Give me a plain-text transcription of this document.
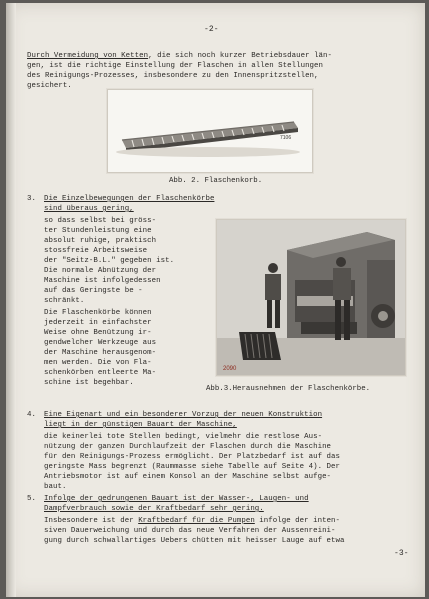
-2-
Durch Vermeidung von Ketten, die sich noch kurzer Betriebsdauer län-
gen, ist die richtige Einstellung der Flaschen in allen Stellungen
des Reinigungs-Prozesses, insbesondere zu den Innenspritzstellen,
gesichert.
7106
Abb. 2. Flaschenkorb.
3. Die Einzelbewegungen der Flaschenkörbe
sind überaus gering,
so dass selbst bei gröss-
ter Stundenleistung eine
absolut ruhige, praktisch
stossfreie Arbeitsweise
der "Seitz-B.L." gegeben ist.
Die normale Abnützung der
Maschine ist infolgedessen
auf das Geringste be -
schränkt.
Die Flaschenkörbe können
jederzeit in einfachster
Weise ohne Benützung ir-
gendwelcher Werkzeuge aus
der Maschine herausgenom-
men werden. Die von Fla-
schenkörben entleerte Ma-
schine ist begehbar.
2090
Abb.3.Herausnehmen der Flaschenkörbe.
4. Eine Eigenart und ein besonderer Vorzug der neuen Konstruktion
liegt in der günstigen Bauart der Maschine,
die keinerlei tote Stellen bedingt, vielmehr die restlose Aus-
nützung der ganzen Durchlaufzeit der Flaschen durch die Maschine
für den Reinigungs-Prozess ermöglicht. Der Platzbedarf ist auf das
geringste Mass begrenzt (Raummasse siehe Tabelle auf Seite 4). Der
Antriebsmotor ist auf einem Konsol an der Maschine selbst aufge-
baut.
5. Infolge der gedrungenen Bauart ist der Wasser-, Laugen- und
Dampfverbrauch sowie der Kraftbedarf sehr gering.
Insbesondere ist der Kraftbedarf für die Pumpen infolge der inten-
siven Dauerweichung und durch das neue Verfahren der Aussenreini-
gung durch schwallartiges Uebers chütten mit heisser Lauge auf etwa
-3-
